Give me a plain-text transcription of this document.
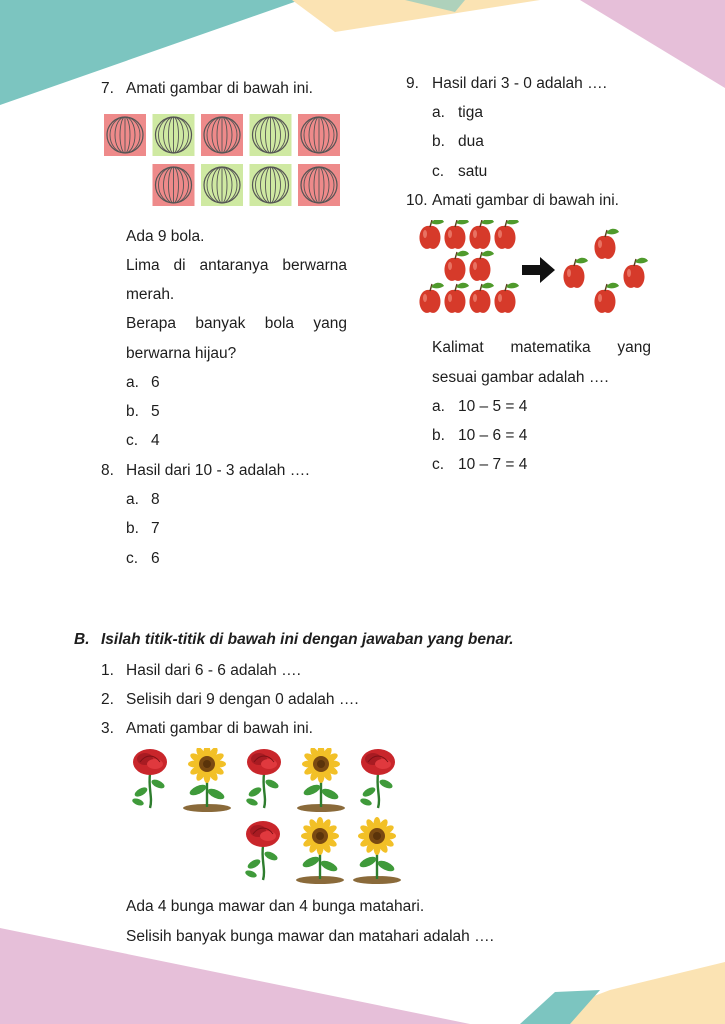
7. Amati gambar di bawah ini.
Ada 9 bola.
Lima di antaranya berwarna
merah.
Berapa banyak bola yang
berwarna hijau?
a. 6
b. 5
c. 4
8. Hasil dari 10 - 3 adalah ….
a. 8
b. 7
c. 6
9. Hasil dari 3 - 0 adalah ….
a. tiga
b. dua
c. satu
10. Amati gambar di bawah ini.
Kalimat matematika yang
sesuai gambar adalah ….
a. 10 – 5 = 4
b. 10 – 6 = 4
c. 10 – 7 = 4
B. Isilah titik-titik di bawah ini dengan jawaban yang benar.
1. Hasil dari 6 - 6 adalah ….
2. Selisih dari 9 dengan 0 adalah ….
3. Amati gambar di bawah ini.
Ada 4 bunga mawar dan 4 bunga matahari.
Selisih banyak bunga mawar dan matahari adalah ….
